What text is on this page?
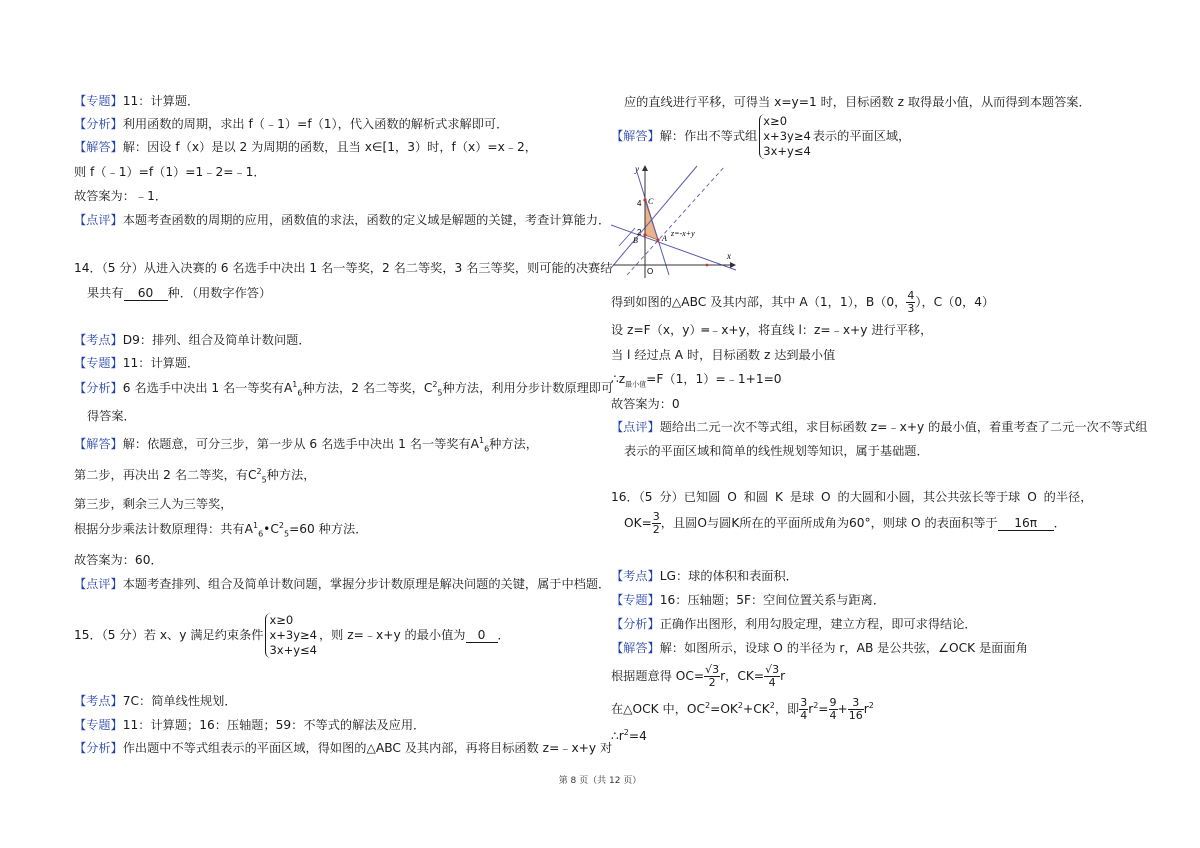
【专题】11：计算题．
【分析】利用函数的周期，求出 f（﹣1）=f（1），代入函数的解析式求解即可．
【解答】解：因设 f（x）是以 2 为周期的函数，且当 x∈[1，3）时，f（x）=x﹣2，
则 f（﹣1）=f（1）=1﹣2=﹣1．
故答案为：﹣1．
【点评】本题考查函数的周期的应用，函数值的求法，函数的定义域是解题的关键，考查计算能力．
14．（5 分）从进入决赛的 6 名选手中决出 1 名一等奖，2 名二等奖，3 名三等奖，则可能的决赛结
果共有 60 种．（用数字作答）
【考点】D9：排列、组合及简单计数问题．
【专题】11：计算题．
【分析】6 名选手中决出 1 名一等奖有$A^1_6$种方法，2 名二等奖，$C^2_5$种方法，利用分步计数原理即可
得答案．
【解答】解：依题意，可分三步，第一步从 6 名选手中决出 1 名一等奖有$A^1_6$种方法，
第二步，再决出 2 名二等奖，有$C^2_5$种方法，
第三步，剩余三人为三等奖，
根据分步乘法计数原理得：共有$A^1_6•C^2_5=60$ 种方法．
故答案为：60．
【点评】本题考查排列、组合及简单计数问题，掌握分步计数原理是解决问题的关键，属于中档题．
15．（5 分）若 x、y 满足约束条件
x≥0
x+3y≥4
3x+y≤4
，则 z=﹣x+y 的最小值为 0 ．
【考点】7C：简单线性规划．
【专题】11：计算题；16：压轴题；59：不等式的解法及应用．
【分析】作出题中不等式组表示的平面区域，得如图的△ABC 及其内部，再将目标函数 z=﹣x+y 对
应的直线进行平移，可得当 x=y=1 时，目标函数 z 取得最小值，从而得到本题答案．
【解答】解：作出不等式组
x≥0
x+3y≥4
3x+y≤4
表示的平面区域，
得到如图的△ABC 及其内部，其中 A（1，1），B（0， $\frac{4}{3}$ ），C（0，4）
设 z=F（x，y）═﹣x+y，将直线 l：z=﹣x+y 进行平移，
当 l 经过点 A 时，目标函数 z 达到最小值
$\therefore z_{最小值}=F(1$，1）=﹣1+1=0
故答案为：0
【点评】题给出二元一次不等式组，求目标函数 z=﹣x+y 的最小值，着重考查了二元一次不等式组
表示的平面区域和简单的线性规划等知识，属于基础题．
16．（5 分）已知圆 O 和圆 K 是球 O 的大圆和小圆，其公共弦长等于球 O 的半径，
$OK= \frac{3}{2}$ ，且圆O与圆K所在的平面所成角为60°，则球 O 的表面积等于 16π ．
【考点】LG：球的体积和表面积．
【专题】16：压轴题；5F：空间位置关系与距离．
【分析】正确作出图形，利用勾股定理，建立方程，即可求得结论．
【解答】解：如图所示，设球 O 的半径为 r，AB 是公共弦，∠OCK 是面面角
根据题意得 $OC= \frac{√3}{2}$ r，$CK= \frac{√3}{4}$ r
在△OCK 中，$OC^2=OK^2+CK^2$，即 $\frac{3}{4} r^2= \frac{9}{4} + \frac{3}{16} r^2$
$\therefore r^2=4$
y
x
O
4
2
C
B	A
z=-x+y
第 8 页（共 12 页）
